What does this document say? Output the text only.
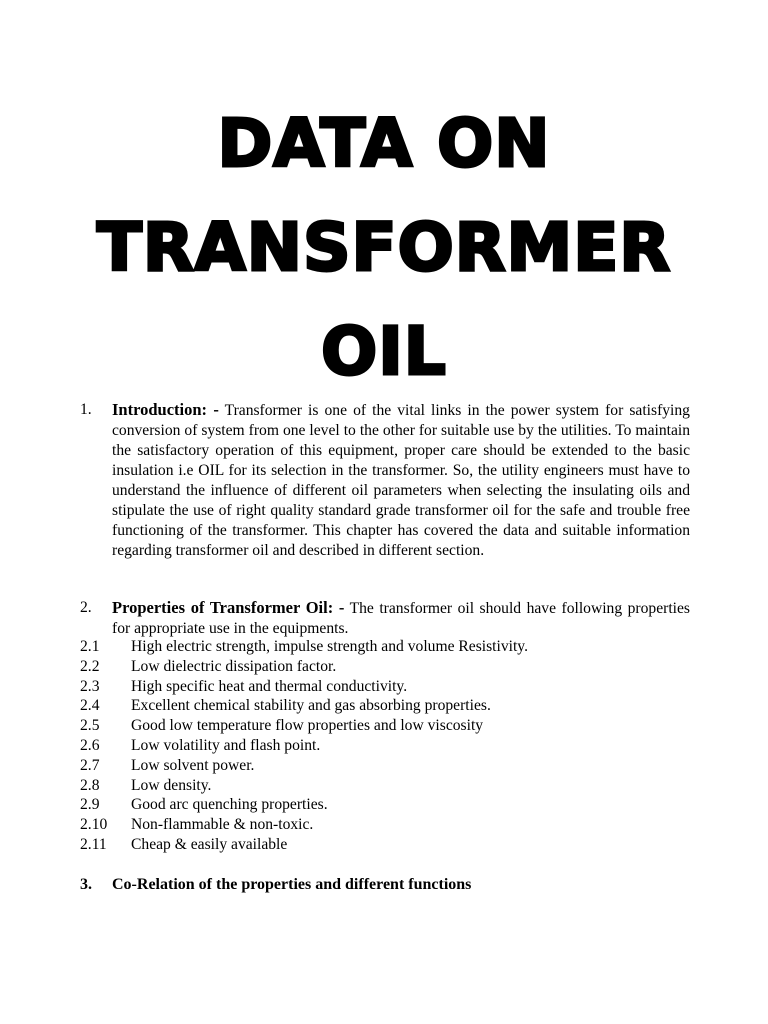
DATA ON
TRANSFORMER
OIL
1. Introduction: - Transformer is one of the vital links in the power system for satisfying conversion of system from one level to the other for suitable use by the utilities. To maintain the satisfactory operation of this equipment, proper care should be extended to the basic insulation i.e OIL for its selection in the transformer. So, the utility engineers must have to understand the influence of different oil parameters when selecting the insulating oils and stipulate the use of right quality standard grade transformer oil for the safe and trouble free functioning of the transformer. This chapter has covered the data and suitable information regarding transformer oil and described in different section.
2. Properties of Transformer Oil: - The transformer oil should have following properties for appropriate use in the equipments.
2.1 High electric strength, impulse strength and volume Resistivity.
2.2 Low dielectric dissipation factor.
2.3 High specific heat and thermal conductivity.
2.4 Excellent chemical stability and gas absorbing properties.
2.5 Good low temperature flow properties and low viscosity
2.6 Low volatility and flash point.
2.7 Low solvent power.
2.8 Low density.
2.9 Good arc quenching properties.
2.10 Non-flammable & non-toxic.
2.11 Cheap & easily available
3. Co-Relation of the properties and different functions
